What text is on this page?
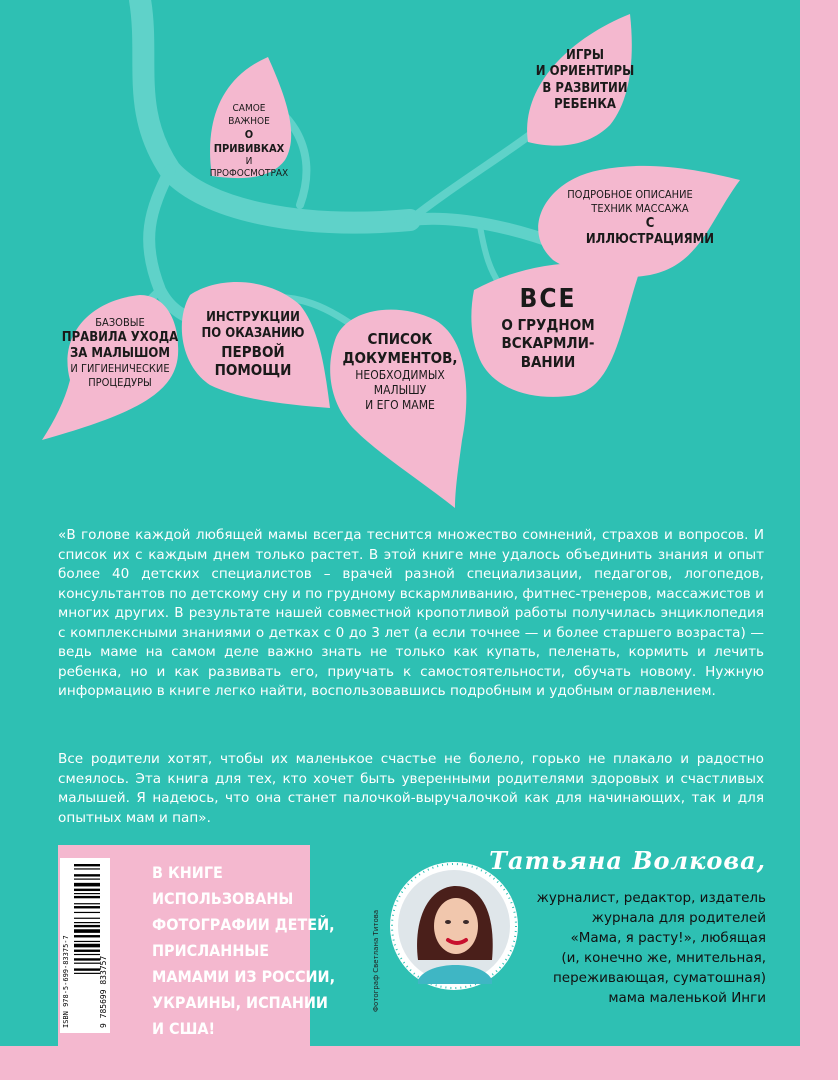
САМОЕ
ВАЖНОЕ
О ПРИВИВКАХ
И ПРОФОСМОТРАХ
ИГРЫ
И ОРИЕНТИРЫ
В РАЗВИТИИ
РЕБЕНКА
ПОДРОБНОЕ ОПИСАНИЕ
ТЕХНИК МАССАЖА
С ИЛЛЮСТРАЦИЯМИ
ВСЕ
О ГРУДНОМ
ВСКАРМЛИ-
ВАНИИ
СПИСОК
ДОКУМЕНТОВ,
НЕОБХОДИМЫХ
МАЛЫШУ
И ЕГО МАМЕ
ИНСТРУКЦИИ
ПО ОКАЗАНИЮ
ПЕРВОЙ
ПОМОЩИ
БАЗОВЫЕ
ПРАВИЛА УХОДА
ЗА МАЛЫШОМ
И ГИГИЕНИЧЕСКИЕ
ПРОЦЕДУРЫ

«В голове каждой любящей мамы всегда теснится множество сомнений, страхов и вопросов. И список их с каждым днем только растет. В этой книге мне удалось объединить знания и опыт более 40 детских специалистов – врачей разной специализации, педагогов, логопедов, консультантов по детскому сну и по грудному вскармливанию, фитнес-тренеров, массажистов и многих других. В результате нашей совместной кропотливой работы получилась энциклопедия с комплексными знаниями о детках с 0 до 3 лет (а если точнее — и более старшего возраста) — ведь маме на самом деле важно знать не только как купать, пеленать, кормить и лечить ребенка, но и как развивать его, приучать к самостоятельности, обучать новому. Нужную информацию в книге легко найти, воспользовавшись подробным и удобным оглавлением.

Все родители хотят, чтобы их маленькое счастье не болело, горько не плакало и радостно смеялось. Эта книга для тех, кто хочет быть уверенными родителями здоровых и счастливых малышей. Я надеюсь, что она станет палочкой-выручалочкой как для начинающих, так и для опытных мам и пап».

ISBN 978-5-699-83375-7	9 785699 833757
В КНИГЕ
ИСПОЛЬЗОВАНЫ
ФОТОГРАФИИ ДЕТЕЙ,
ПРИСЛАННЫЕ
МАМАМИ ИЗ РОССИИ,
УКРАИНЫ, ИСПАНИИ
И США!
Фотограф Светлана Титова
Татьяна Волкова,
журналист, редактор, издатель
журнала для родителей
«Мама, я расту!», любящая
(и, конечно же, мнительная,
переживающая, суматошная)
мама маленькой Инги
